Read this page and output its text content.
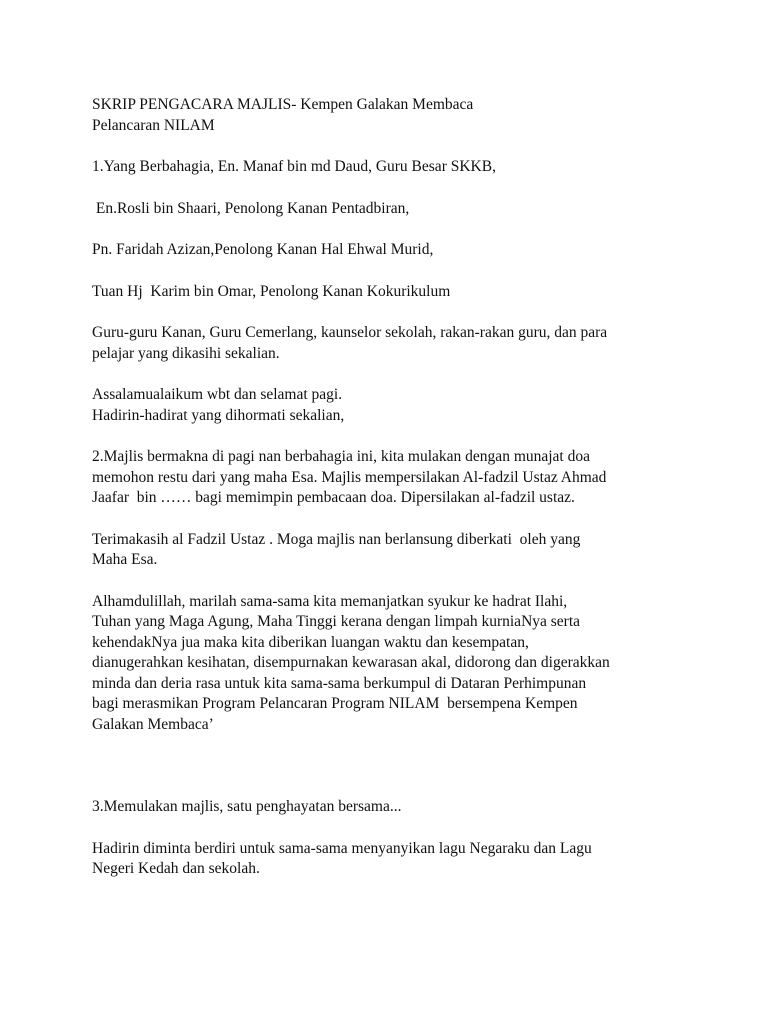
SKRIP PENGACARA MAJLIS- Kempen Galakan Membaca
Pelancaran NILAM

1.Yang Berbahagia, En. Manaf bin md Daud, Guru Besar SKKB,

En.Rosli bin Shaari, Penolong Kanan Pentadbiran,

Pn. Faridah Azizan,Penolong Kanan Hal Ehwal Murid,

Tuan Hj  Karim bin Omar, Penolong Kanan Kokurikulum

Guru-guru Kanan, Guru Cemerlang, kaunselor sekolah, rakan-rakan guru, dan para
pelajar yang dikasihi sekalian.

Assalamualaikum wbt dan selamat pagi.
Hadirin-hadirat yang dihormati sekalian,

2.Majlis bermakna di pagi nan berbahagia ini, kita mulakan dengan munajat doa
memohon restu dari yang maha Esa. Majlis mempersilakan Al-fadzil Ustaz Ahmad
Jaafar  bin …… bagi memimpin pembacaan doa. Dipersilakan al-fadzil ustaz.

Terimakasih al Fadzil Ustaz . Moga majlis nan berlansung diberkati  oleh yang
Maha Esa.

Alhamdulillah, marilah sama-sama kita memanjatkan syukur ke hadrat Ilahi,
Tuhan yang Maga Agung, Maha Tinggi kerana dengan limpah kurniaNya serta
kehendakNya jua maka kita diberikan luangan waktu dan kesempatan,
dianugerahkan kesihatan, disempurnakan kewarasan akal, didorong dan digerakkan
minda dan deria rasa untuk kita sama-sama berkumpul di Dataran Perhimpunan
bagi merasmikan Program Pelancaran Program NILAM  bersempena Kempen
Galakan Membaca’

3.Memulakan majlis, satu penghayatan bersama...

Hadirin diminta berdiri untuk sama-sama menyanyikan lagu Negaraku dan Lagu
Negeri Kedah dan sekolah.
